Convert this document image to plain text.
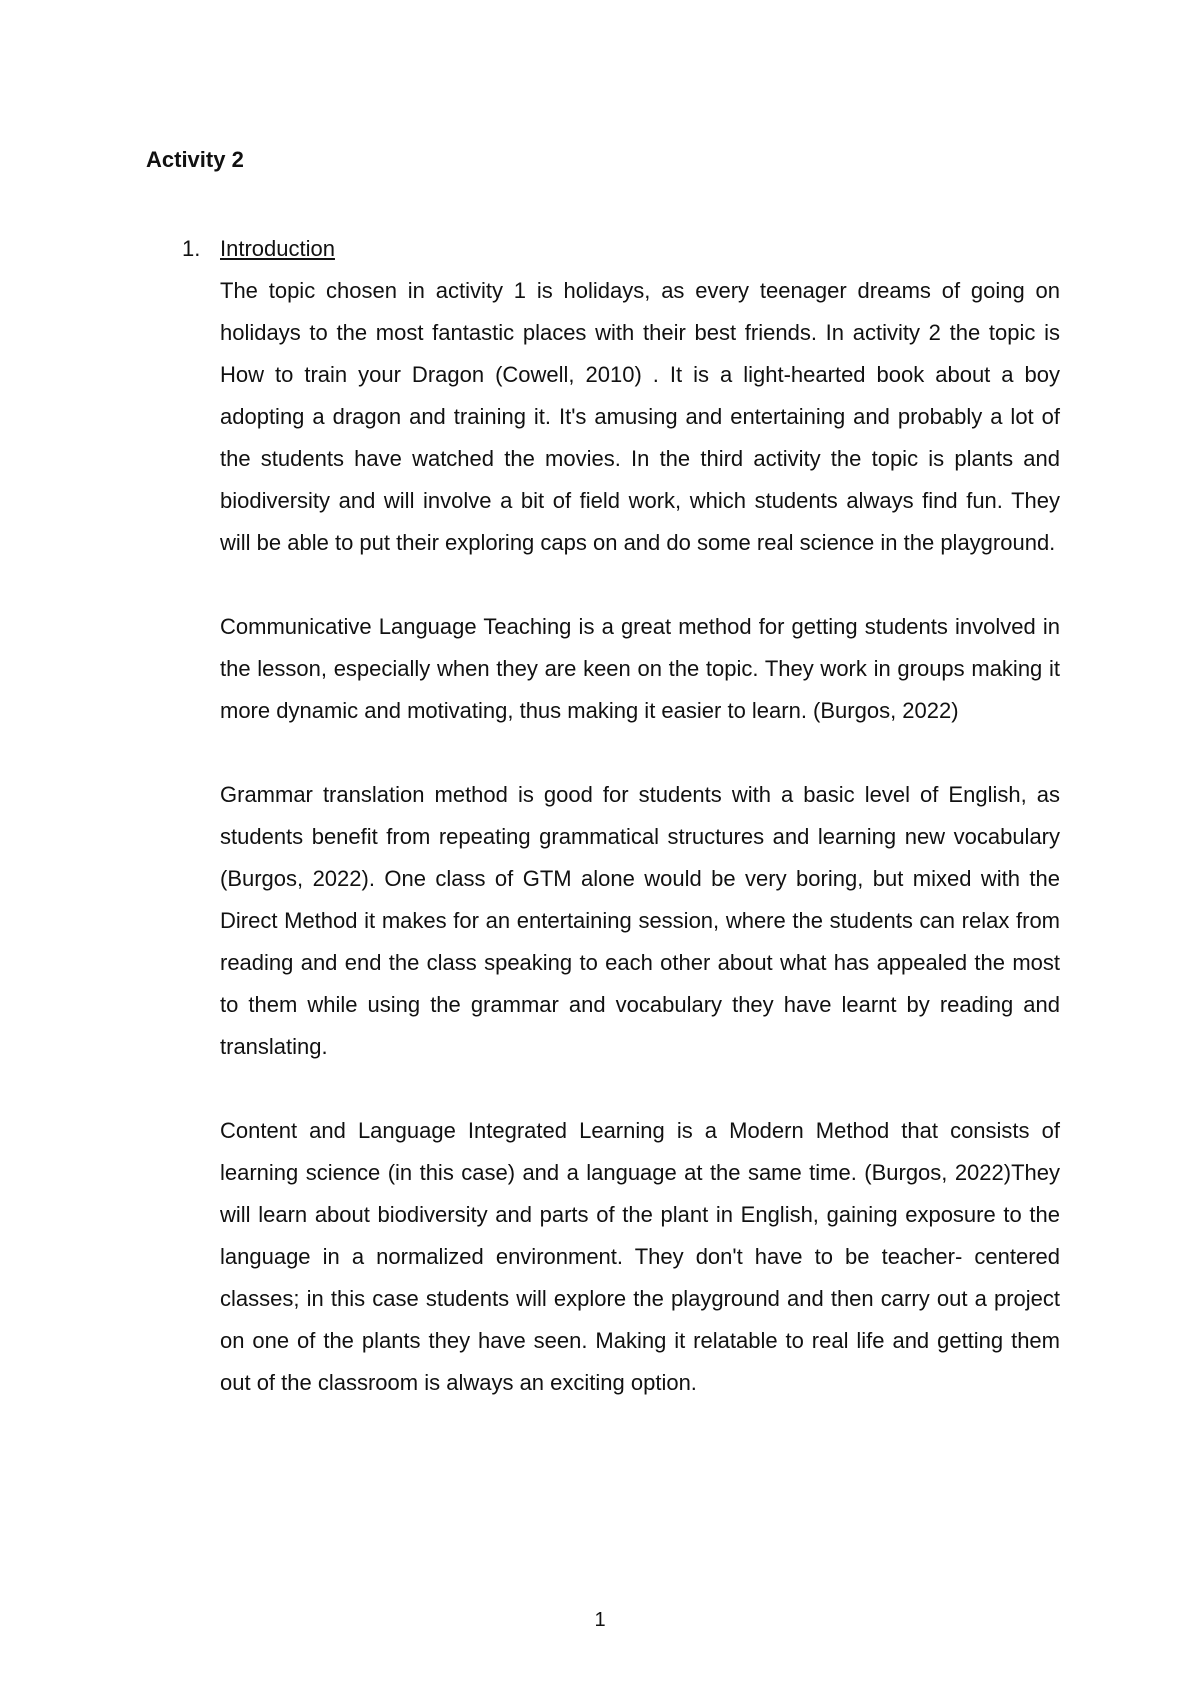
Activity 2
1. Introduction

The topic chosen in activity 1 is holidays, as every teenager dreams of going on holidays to the most fantastic places with their best friends. In activity 2 the topic is How to train your Dragon (Cowell, 2010) . It is a light-hearted book about a boy adopting a dragon and training it. It's amusing and entertaining and probably a lot of the students have watched the movies. In the third activity the topic is plants and biodiversity and will involve a bit of field work, which students always find fun. They will be able to put their exploring caps on and do some real science in the playground.

Communicative Language Teaching is a great method for getting students involved in the lesson, especially when they are keen on the topic. They work in groups making it more dynamic and motivating, thus making it easier to learn. (Burgos, 2022)

Grammar translation method is good for students with a basic level of English, as students benefit from repeating grammatical structures and learning new vocabulary (Burgos, 2022). One class of GTM alone would be very boring, but mixed with the Direct Method it makes for an entertaining session, where the students can relax from reading and end the class speaking to each other about what has appealed the most to them while using the grammar and vocabulary they have learnt by reading and translating.

Content and Language Integrated Learning is a Modern Method that consists of learning science (in this case) and a language at the same time. (Burgos, 2022)They will learn about biodiversity and parts of the plant in English, gaining exposure to the language in a normalized environment. They don't have to be teacher- centered classes; in this case students will explore the playground and then carry out a project on one of the plants they have seen. Making it relatable to real life and getting them out of the classroom is always an exciting option.

1
